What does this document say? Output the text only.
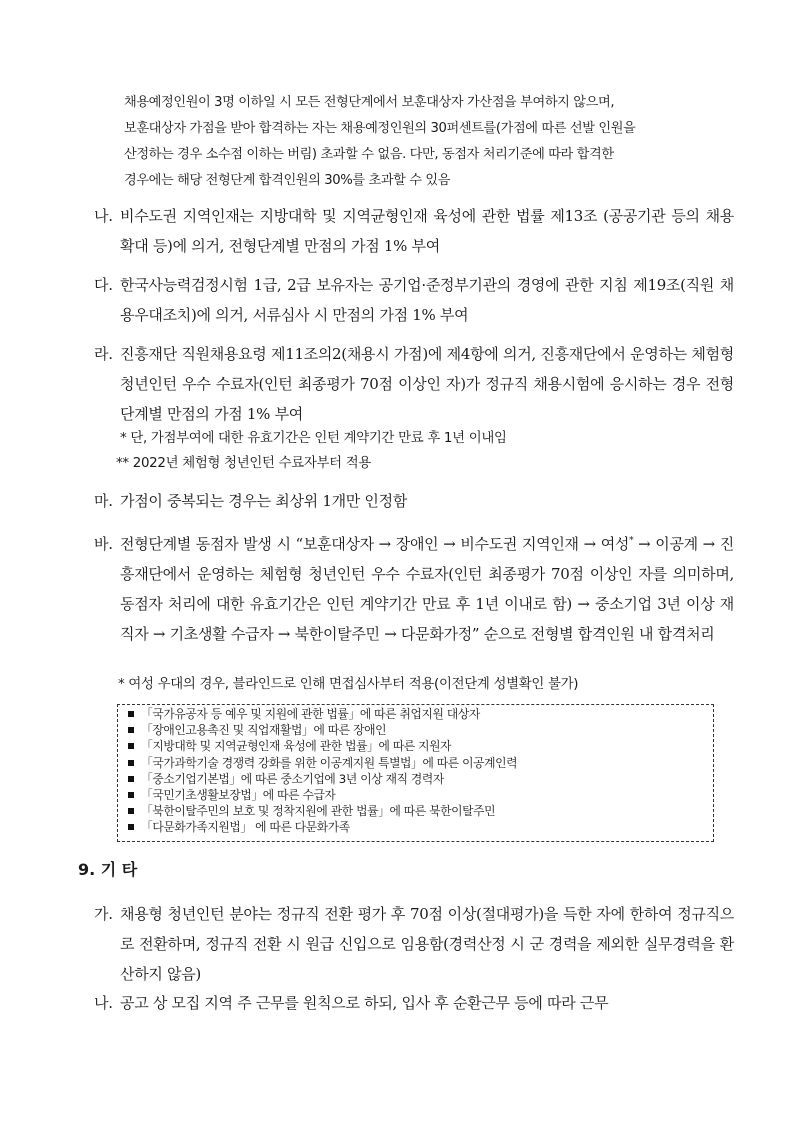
채용예정인원이 3명 이하일 시 모든 전형단계에서 보훈대상자 가산점을 부여하지 않으며,
보훈대상자 가점을 받아 합격하는 자는 채용예정인원의 30퍼센트를(가점에 따른 선발 인원을
산정하는 경우 소수점 이하는 버림) 초과할 수 없음. 다만, 동점자 처리기준에 따라 합격한
경우에는 해당 전형단계 합격인원의 30%를 초과할 수 있음
나. 비수도권 지역인재는 지방대학 및 지역균형인재 육성에 관한 법률 제13조 (공공기관 등의 채용 확대 등)에 의거, 전형단계별 만점의 가점 1% 부여
다. 한국사능력검정시험 1급, 2급 보유자는 공기업·준정부기관의 경영에 관한 지침 제19조(직원 채용우대조치)에 의거, 서류심사 시 만점의 가점 1% 부여
라. 진흥재단 직원채용요령 제11조의2(채용시 가점)에 제4항에 의거, 진흥재단에서 운영하는 체험형 청년인턴 우수 수료자(인턴 최종평가 70점 이상인 자)가 정규직 채용시험에 응시하는 경우 전형단계별 만점의 가점 1% 부여
* 단, 가점부여에 대한 유효기간은 인턴 계약기간 만료 후 1년 이내임
** 2022년 체험형 청년인턴 수료자부터 적용
마. 가점이 중복되는 경우는 최상위 1개만 인정함
바. 전형단계별 동점자 발생 시 “보훈대상자 → 장애인 → 비수도권 지역인재 → 여성* → 이공계 → 진흥재단에서 운영하는 체험형 청년인턴 우수 수료자(인턴 최종평가 70점 이상인 자를 의미하며, 동점자 처리에 대한 유효기간은 인턴 계약기간 만료 후 1년 이내로 함) → 중소기업 3년 이상 재직자 → 기초생활 수급자 → 북한이탈주민 → 다문화가정” 순으로 전형별 합격인원 내 합격처리
* 여성 우대의 경우, 블라인드로 인해 면접심사부터 적용(이전단계 성별확인 불가)
「국가유공자 등 예우 및 지원에 관한 법률」에 따른 취업지원 대상자
「장애인고용촉진 및 직업재활법」에 따른 장애인
「지방대학 및 지역균형인재 육성에 관한 법률」에 따른 지원자
「국가과학기술 경쟁력 강화를 위한 이공계지원 특별법」에 따른 이공계인력
「중소기업기본법」에 따른 중소기업에 3년 이상 재직 경력자
「국민기초생활보장법」에 따른 수급자
「북한이탈주민의 보호 및 정착지원에 관한 법률」에 따른 북한이탈주민
「다문화가족지원법」 에 따른 다문화가족
9. 기 타
가. 채용형 청년인턴 분야는 정규직 전환 평가 후 70점 이상(절대평가)을 득한 자에 한하여 정규직으로 전환하며, 정규직 전환 시 원급 신입으로 임용함(경력산정 시 군 경력을 제외한 실무경력을 환산하지 않음)
나. 공고 상 모집 지역 주 근무를 원칙으로 하되, 입사 후 순환근무 등에 따라 근무
